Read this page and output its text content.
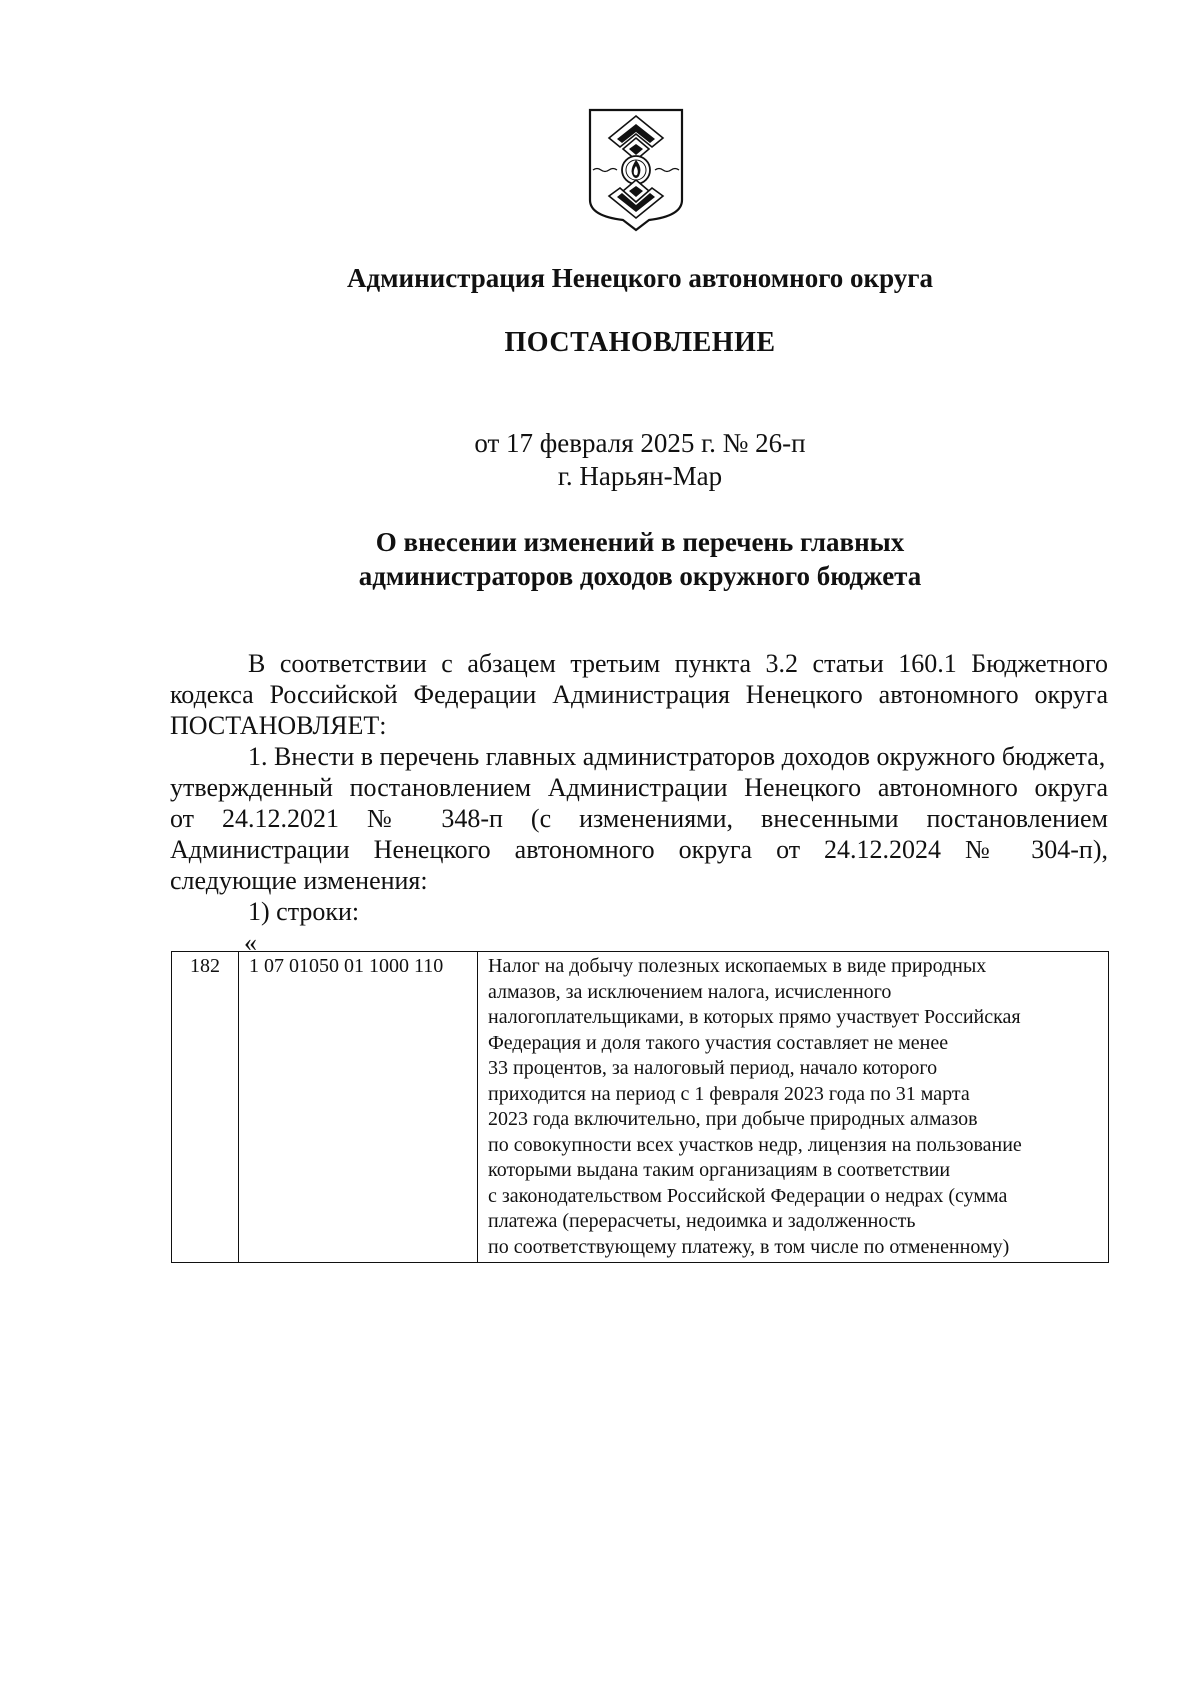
Администрация Ненецкого автономного округа
ПОСТАНОВЛЕНИЕ
от 17 февраля 2025 г. № 26-п
г. Нарьян-Мар
О внесении изменений в перечень главных
администраторов доходов окружного бюджета
В соответствии с абзацем третьим пункта 3.2 статьи 160.1 Бюджетного
кодекса Российской Федерации Администрация Ненецкого автономного округа
ПОСТАНОВЛЯЕТ:
1. Внести в перечень главных администраторов доходов окружного бюджета,
утвержденный постановлением Администрации Ненецкого автономного округа
от 24.12.2021 № 348-п (с изменениями, внесенными постановлением
Администрации Ненецкого автономного округа от 24.12.2024 № 304-п),
следующие изменения:
1) строки:
«
182	1 07 01050 01 1000 110	Налог на добычу полезных ископаемых в виде природных
алмазов, за исключением налога, исчисленного
налогоплательщиками, в которых прямо участвует Российская
Федерация и доля такого участия составляет не менее
33 процентов, за налоговый период, начало которого
приходится на период с 1 февраля 2023 года по 31 марта
2023 года включительно, при добыче природных алмазов
по совокупности всех участков недр, лицензия на пользование
которыми выдана таким организациям в соответствии
с законодательством Российской Федерации о недрах (сумма
платежа (перерасчеты, недоимка и задолженность
по соответствующему платежу, в том числе по отмененному)
